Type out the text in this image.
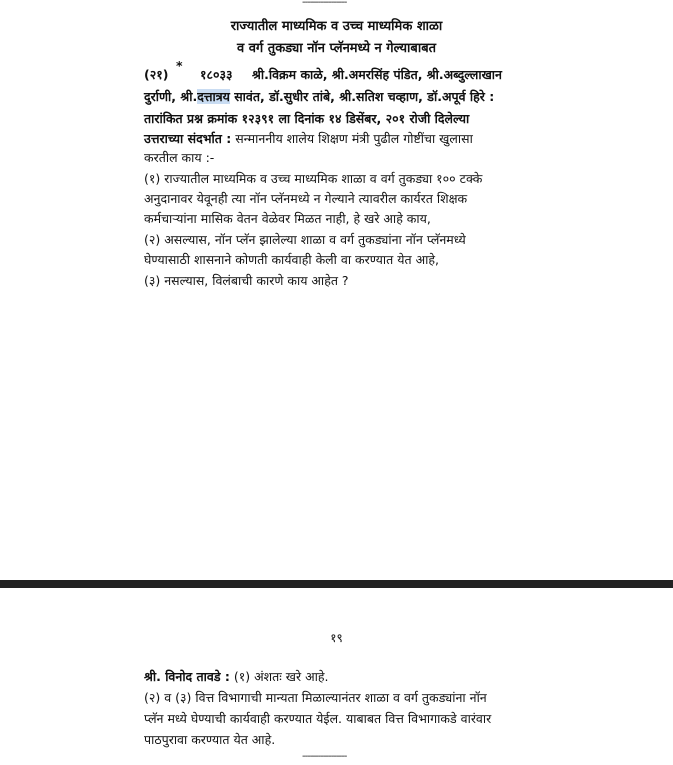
-----------------
राज्यातील माध्यमिक व उच्च माध्यमिक शाळा
व वर्ग तुकड्या नॉन प्लॅनमध्ये न गेल्याबाबत
(२१)
*
१८०३३ श्री.विक्रम काळे, श्री.अमरसिंह पंडित, श्री.अब्दुल्लाखान
दुर्राणी, श्री.दत्तात्रय सावंत, डॉ.सुधीर तांबे, श्री.सतिश चव्हाण, डॉ.अपूर्व हिरे :
तारांकित प्रश्न क्रमांक १२३९१ ला दिनांक १४ डिसेंबर, २०१ रोजी दिलेल्या
उत्तराच्या संदर्भात : सन्माननीय शालेय शिक्षण मंत्री पुढील गोष्टींचा खुलासा
करतील काय :-
(१) राज्यातील माध्यमिक व उच्च माध्यमिक शाळा व वर्ग तुकड्या १०० टक्के
अनुदानावर येवूनही त्या नॉन प्लॅनमध्ये न गेल्याने त्यावरील कार्यरत शिक्षक
कर्मचाऱ्यांना मासिक वेतन वेळेवर मिळत नाही, हे खरे आहे काय,
(२) असल्यास, नॉन प्लॅन झालेल्या शाळा व वर्ग तुकड्यांना नॉन प्लॅनमध्ये
घेण्यासाठी शासनाने कोणती कार्यवाही केली वा करण्यात येत आहे,
(३) नसल्यास, विलंबाची कारणे काय आहेत ?
१९
श्री. विनोद तावडे : (१) अंशतः खरे आहे.
(२) व (३) वित्त विभागाची मान्यता मिळाल्यानंतर शाळा व वर्ग तुकड्यांना नॉन
प्लॅन मध्ये घेण्याची कार्यवाही करण्यात येईल. याबाबत वित्त विभागाकडे वारंवार
पाठपुरावा करण्यात येत आहे.
-----------------
